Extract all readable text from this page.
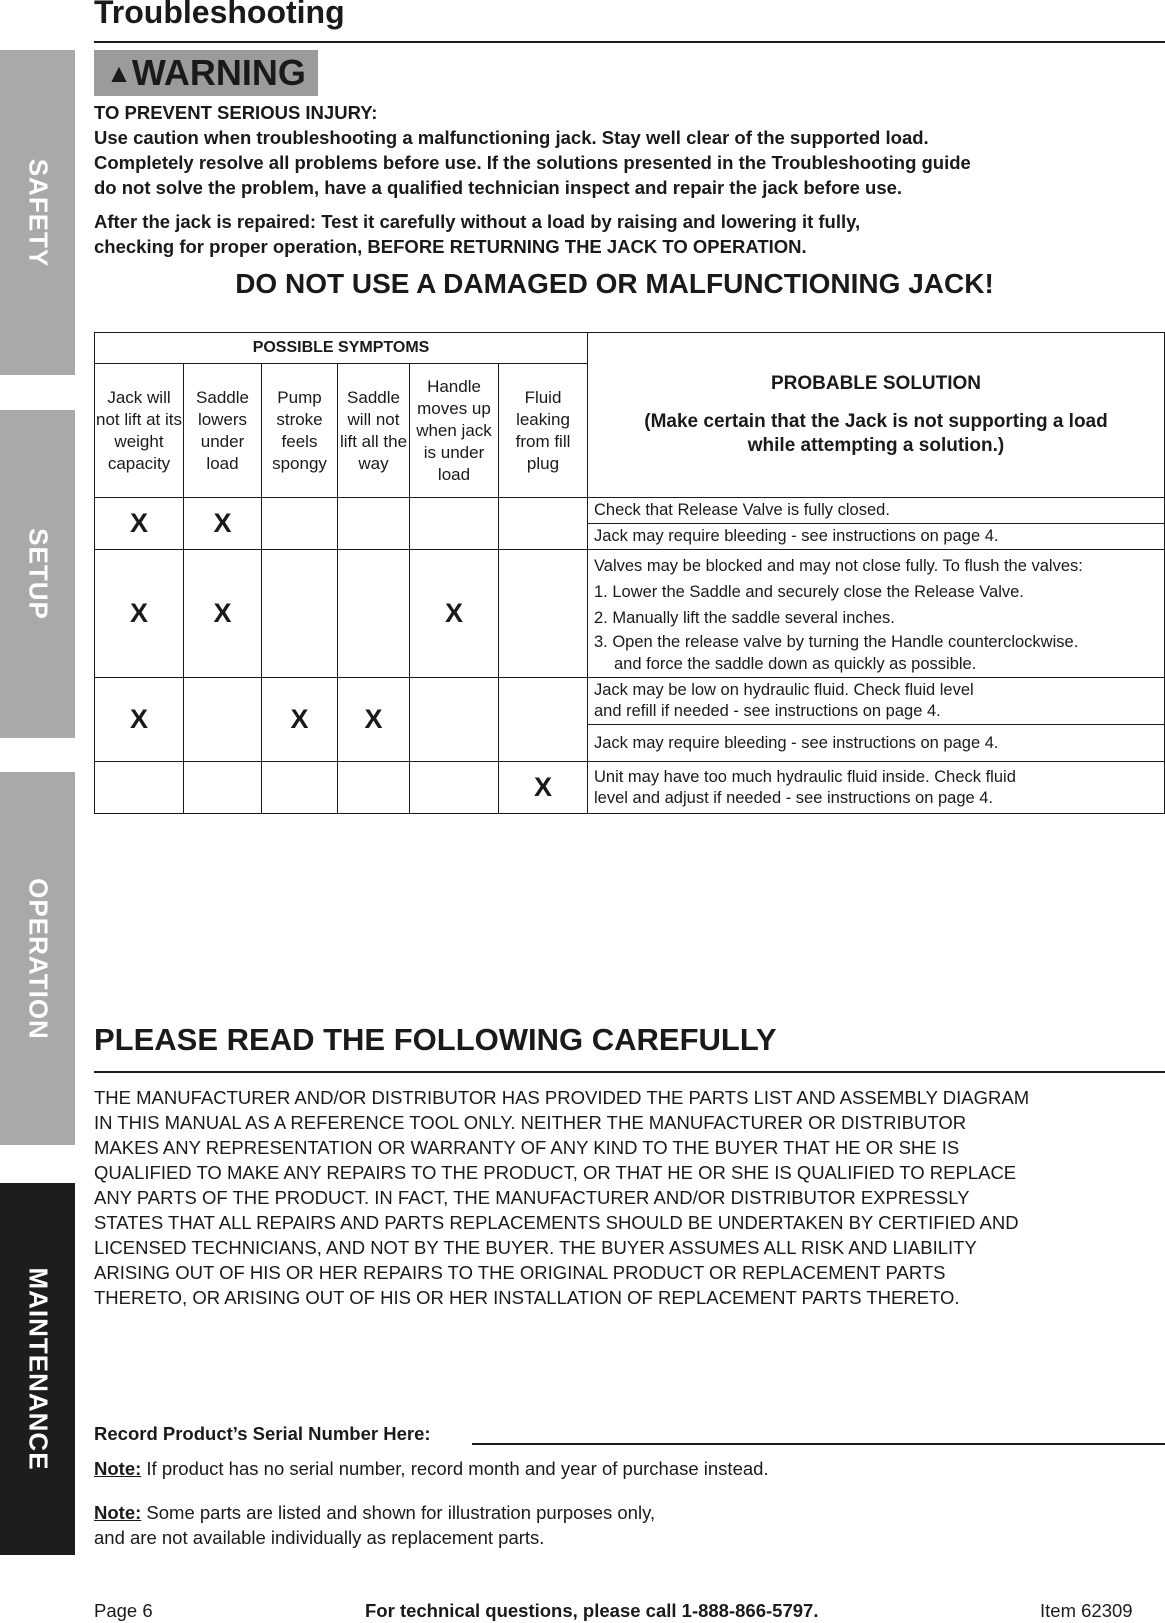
SAFETY
SETUP
OPERATION
MAINTENANCE
Troubleshooting
▲WARNING
TO PREVENT SERIOUS INJURY:
Use caution when troubleshooting a malfunctioning jack. Stay well clear of the supported load.
Completely resolve all problems before use. If the solutions presented in the Troubleshooting guide
do not solve the problem, have a qualified technician inspect and repair the jack before use.
After the jack is repaired: Test it carefully without a load by raising and lowering it fully,
checking for proper operation, BEFORE RETURNING THE JACK TO OPERATION.
DO NOT USE A DAMAGED OR MALFUNCTIONING JACK!
POSSIBLE SYMPTOMS						PROBABLE SOLUTION
(Make certain that the Jack is not supporting a load while attempting a solution.)

Jack will not lift at its weight capacity	Saddle lowers under load	Pump stroke feels spongy	Saddle will not lift all the way	Handle moves up when jack is under load	Fluid leaking from fill plug	
X	X					Check that Release Valve is fully closed.
						Jack may require bleeding - see instructions on page 4.
X	X			X		Valves may be blocked and may not close fully. To flush the valves:
1. Lower the Saddle and securely close the Release Valve.
2. Manually lift the saddle several inches.
3. Open the release valve by turning the Handle counterclockwise.
and force the saddle down as quickly as possible.

X		X	X			Jack may be low on hydraulic fluid. Check fluid level
and refill if needed - see instructions on page 4.

						Jack may require bleeding - see instructions on page 4.
					X	Unit may have too much hydraulic fluid inside. Check fluid
level and adjust if needed - see instructions on page 4.
PLEASE READ THE FOLLOWING CAREFULLY
THE MANUFACTURER AND/OR DISTRIBUTOR HAS PROVIDED THE PARTS LIST AND ASSEMBLY DIAGRAM
IN THIS MANUAL AS A REFERENCE TOOL ONLY. NEITHER THE MANUFACTURER OR DISTRIBUTOR
MAKES ANY REPRESENTATION OR WARRANTY OF ANY KIND TO THE BUYER THAT HE OR SHE IS
QUALIFIED TO MAKE ANY REPAIRS TO THE PRODUCT, OR THAT HE OR SHE IS QUALIFIED TO REPLACE
ANY PARTS OF THE PRODUCT. IN FACT, THE MANUFACTURER AND/OR DISTRIBUTOR EXPRESSLY
STATES THAT ALL REPAIRS AND PARTS REPLACEMENTS SHOULD BE UNDERTAKEN BY CERTIFIED AND
LICENSED TECHNICIANS, AND NOT BY THE BUYER. THE BUYER ASSUMES ALL RISK AND LIABILITY
ARISING OUT OF HIS OR HER REPAIRS TO THE ORIGINAL PRODUCT OR REPLACEMENT PARTS
THERETO, OR ARISING OUT OF HIS OR HER INSTALLATION OF REPLACEMENT PARTS THERETO.
Record Product’s Serial Number Here:
Note: If product has no serial number, record month and year of purchase instead.
Note: Some parts are listed and shown for illustration purposes only,
and are not available individually as replacement parts.
Page 6	For technical questions, please call 1-888-866-5797.	Item 62309
